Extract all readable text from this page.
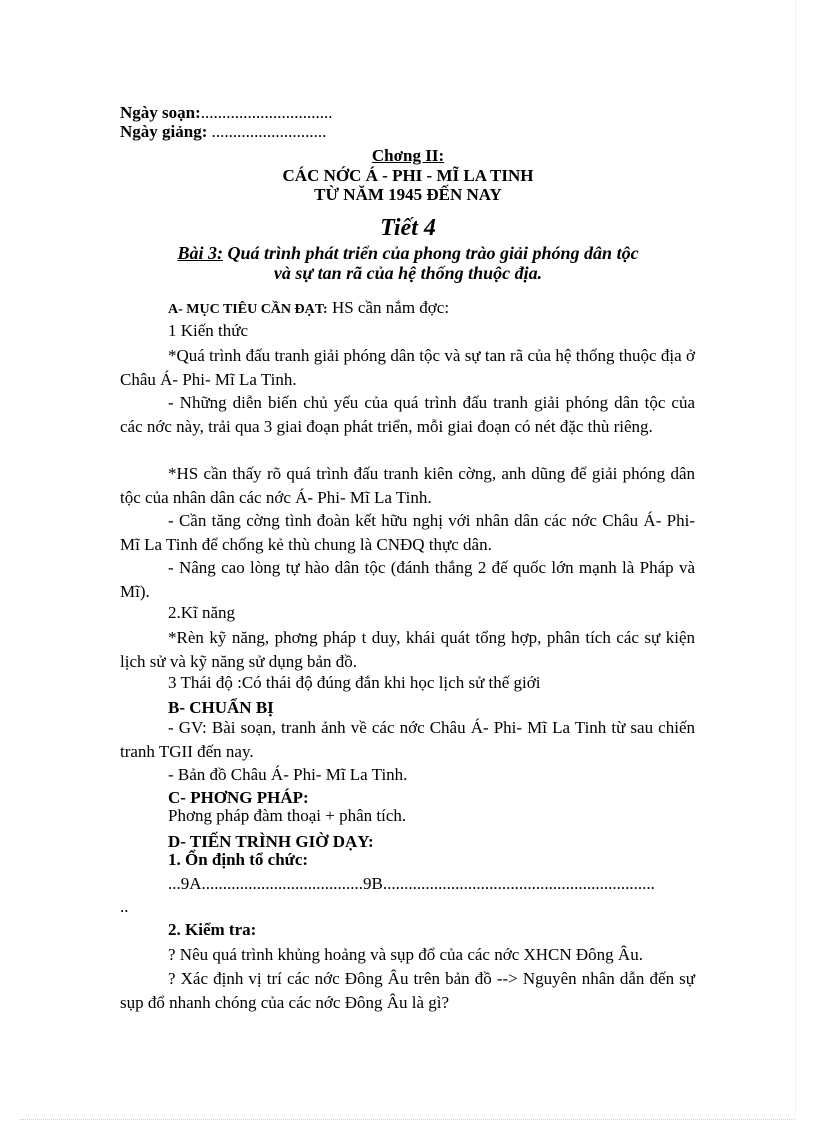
Ngày soạn:...............................
Ngày giảng: ...........................
Chơng II:
CÁC NỚC Á - PHI - MĨ LA TINH
TỪ NĂM 1945 ĐẾN NAY
Tiết 4
Bài 3: Quá trình phát triển của phong trào giải phóng dân tộc
và sự tan rã của hệ thống thuộc địa.
A- MỤC TIÊU CẦN ĐẠT: HS cần nắm đợc:
1 Kiến thức
*Quá trình đấu tranh giải phóng dân tộc và sự tan rã của hệ thống thuộc địa ở Châu Á- Phi- Mĩ La Tinh.
- Những diễn biến chủ yếu của quá trình đấu tranh giải phóng dân tộc của các nớc này, trải qua 3 giai đoạn phát triển, mỗi giai đoạn có nét đặc thù riêng.
*HS cần thấy rõ quá trình đấu tranh kiên cờng, anh dũng để giải phóng dân tộc của nhân dân các nớc Á- Phi- Mĩ La Tinh.
- Cần tăng cờng tình đoàn kết hữu nghị với nhân dân các nớc Châu Á- Phi- Mĩ La Tinh để chống kẻ thù chung là CNĐQ thực dân.
- Nâng cao lòng tự hào dân tộc (đánh thắng 2 đế quốc lớn mạnh là Pháp và Mĩ).
2.Kĩ năng
*Rèn kỹ năng, phơng pháp t duy, khái quát tổng hợp, phân tích các sự kiện lịch sử và kỹ năng sử dụng bản đồ.
3 Thái độ :Có thái độ đúng đắn khi học lịch sử thế giới
B- CHUẨN BỊ
- GV: Bài soạn, tranh ảnh về các nớc Châu Á- Phi- Mĩ La Tinh từ sau chiến tranh TGII đến nay.
- Bản đồ Châu Á- Phi- Mĩ La Tinh.
C- PHƠNG PHÁP:
Phơng pháp đàm thoại + phân tích.
D- TIẾN TRÌNH GIỜ DẠY:
1. Ổn định tổ chức:
...9A......................................9B................................................................
..
2. Kiểm tra:
? Nêu quá trình khủng hoảng và sụp đổ của các nớc XHCN Đông Âu.
? Xác định vị trí các nớc Đông Âu trên bản đồ --> Nguyên nhân dẫn đến sự sụp đổ nhanh chóng của các nớc Đông Âu là gì?
